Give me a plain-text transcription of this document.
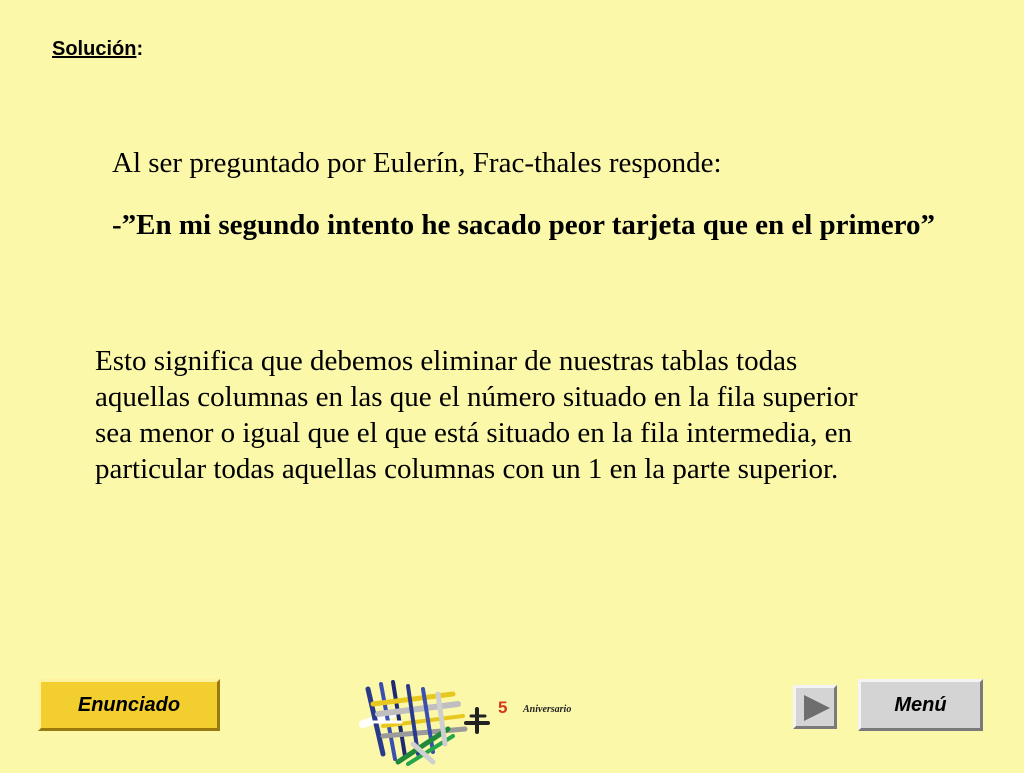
Solución:
Al ser preguntado por Eulerín, Frac-thales responde:
-”En mi segundo intento he sacado peor tarjeta que en el primero”
Esto significa que debemos eliminar de nuestras tablas todas aquellas columnas en las que el número situado en la fila superior sea menor o igual que el que está situado en la fila intermedia, en particular todas aquellas columnas con un 1 en la parte superior.
Enunciado	5 Aniversario	Menú
